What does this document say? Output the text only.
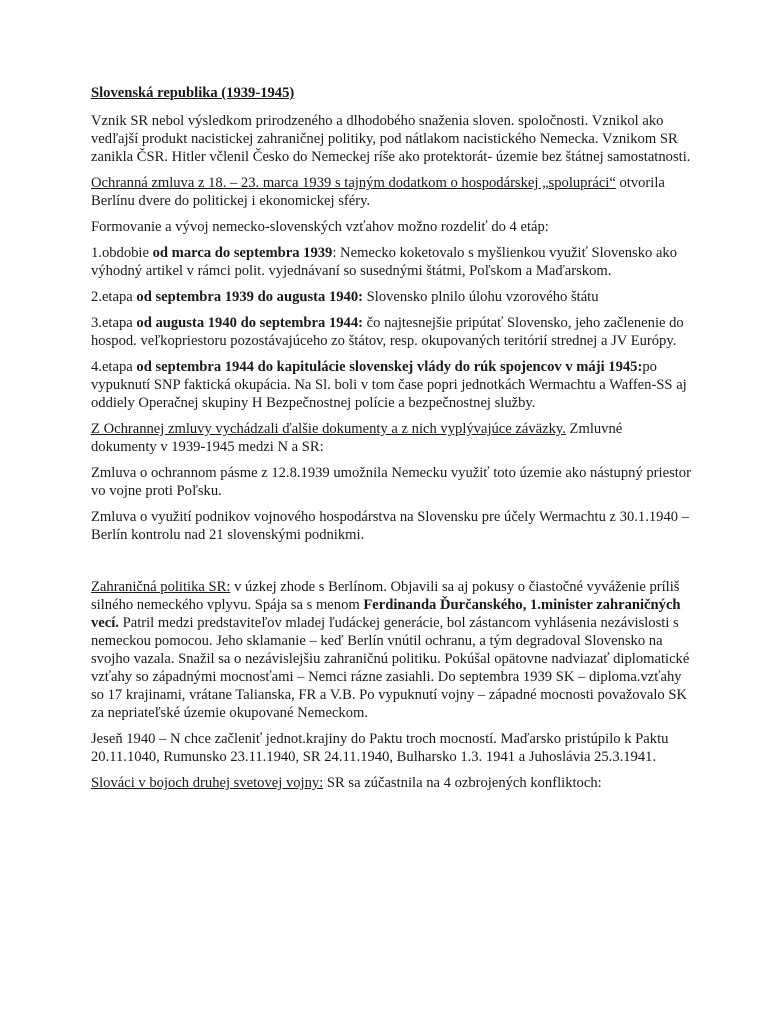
Slovenská republika (1939-1945)

Vznik SR nebol výsledkom prirodzeného a dlhodobého snaženia sloven. spoločnosti. Vznikol ako vedľajší produkt nacistickej zahraničnej politiky, pod nátlakom nacistického Nemecka. Vznikom SR zanikla ČSR. Hitler včlenil Česko do Nemeckej ríše ako protektorát- územie bez štátnej samostatnosti.

Ochranná zmluva z 18. – 23. marca 1939 s tajným dodatkom o hospodárskej „spolupráci“ otvorila Berlínu dvere do politickej i ekonomickej sféry.

Formovanie a vývoj nemecko-slovenských vzťahov možno rozdeliť do 4 etáp:

1.obdobie od marca do septembra 1939: Nemecko koketovalo s myšlienkou využiť Slovensko ako výhodný artikel v rámci polit. vyjednávaní so susednými štátmi, Poľskom a Maďarskom.

2.etapa od septembra 1939 do augusta 1940: Slovensko plnilo úlohu vzorového štátu

3.etapa od augusta 1940 do septembra 1944: čo najtesnejšie pripútať Slovensko, jeho začlenenie do hospod. veľkopriestoru pozostávajúceho zo štátov, resp. okupovaných teritórií strednej a JV Európy.

4.etapa od septembra 1944 do kapitulácie slovenskej vlády do rúk spojencov v máji 1945:po vypuknutí SNP faktická okupácia. Na Sl. boli v tom čase popri jednotkách Wermachtu a Waffen-SS aj oddiely Operačnej skupiny H Bezpečnostnej polície a bezpečnostnej služby.

Z Ochrannej zmluvy vychádzali ďalšie dokumenty a z nich vyplývajúce záväzky. Zmluvné dokumenty v 1939-1945 medzi N a SR:

Zmluva o ochrannom pásme z 12.8.1939 umožnila Nemecku využiť toto územie ako nástupný priestor vo vojne proti Poľsku.

Zmluva o využití podnikov vojnového hospodárstva na Slovensku pre účely Wermachtu z 30.1.1940 – Berlín kontrolu nad 21 slovenskými podnikmi.

Zahraničná politika SR: v úzkej zhode s Berlínom. Objavili sa aj pokusy o čiastočné vyváženie príliš silného nemeckého vplyvu. Spája sa s menom Ferdinanda Ďurčanského, 1.minister zahraničných vecí. Patril medzi predstaviteľov mladej ľudáckej generácie, bol zástancom vyhlásenia nezávislosti s nemeckou pomocou. Jeho sklamanie – keď Berlín vnútil ochranu, a tým degradoval Slovensko na svojho vazala. Snažil sa o nezávislejšiu zahraničnú politiku. Pokúšal opätovne nadviazať diplomatické vzťahy so západnými mocnosťami – Nemci rázne zasiahli. Do septembra 1939 SK – diploma.vzťahy so 17 krajinami, vrátane Talianska, FR a V.B. Po vypuknutí vojny – západné mocnosti považovalo SK za nepriateľské územie okupované Nemeckom.

Jeseň 1940 – N chce začleniť jednot.krajiny do Paktu troch mocností. Maďarsko pristúpilo k Paktu 20.11.1040, Rumunsko 23.11.1940, SR 24.11.1940, Bulharsko 1.3. 1941 a Juhoslávia 25.3.1941.

Slováci v bojoch druhej svetovej vojny: SR sa zúčastnila na 4 ozbrojených konfliktoch:
